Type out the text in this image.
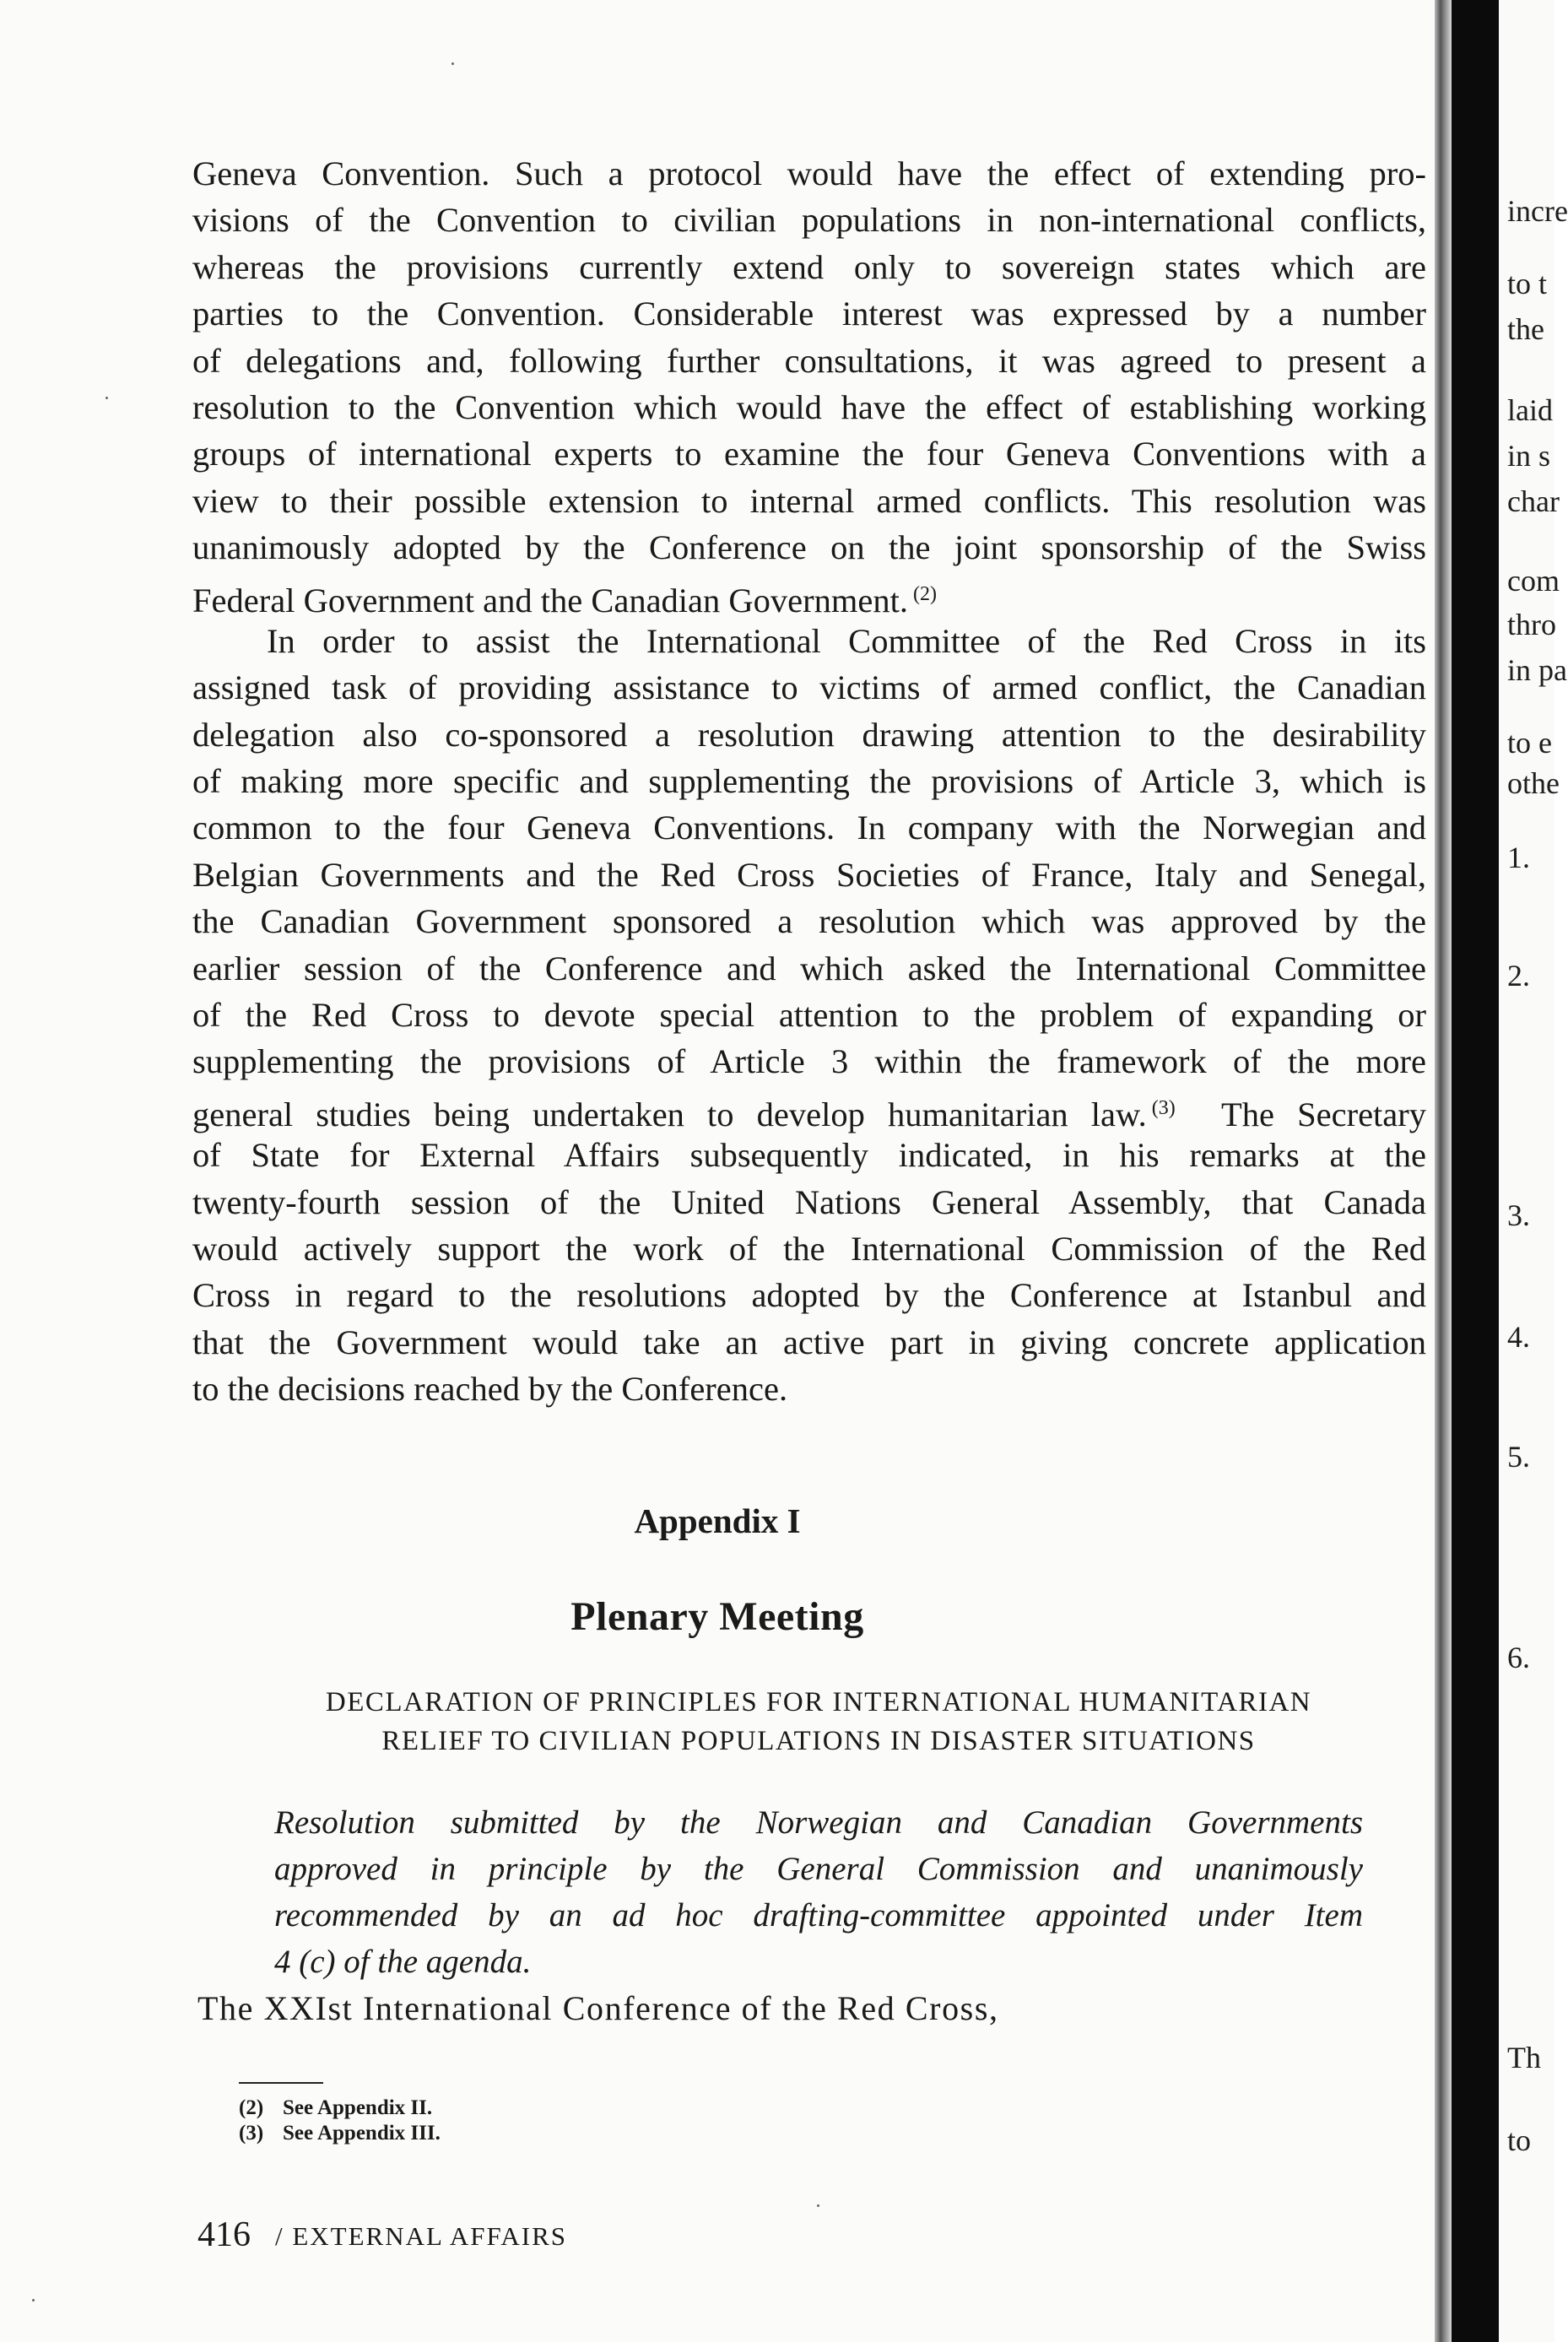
Geneva Convention. Such a protocol would have the effect of extending pro-
visions of the Convention to civilian populations in non-international conflicts,
whereas the provisions currently extend only to sovereign states which are
parties to the Convention. Considerable interest was expressed by a number
of delegations and, following further consultations, it was agreed to present a
resolution to the Convention which would have the effect of establishing working
groups of international experts to examine the four Geneva Conventions with a
view to their possible extension to internal armed conflicts. This resolution was
unanimously adopted by the Conference on the joint sponsorship of the Swiss
Federal Government and the Canadian Government. $^{(2)}$
In order to assist the International Committee of the Red Cross in its
assigned task of providing assistance to victims of armed conflict, the Canadian
delegation also co-sponsored a resolution drawing attention to the desirability
of making more specific and supplementing the provisions of Article 3, which is
common to the four Geneva Conventions. In company with the Norwegian and
Belgian Governments and the Red Cross Societies of France, Italy and Senegal,
the Canadian Government sponsored a resolution which was approved by the
earlier session of the Conference and which asked the International Committee
of the Red Cross to devote special attention to the problem of expanding or
supplementing the provisions of Article 3 within the framework of the more
general studies being undertaken to develop humanitarian law. $^{(3)}$ The Secretary
of State for External Affairs subsequently indicated, in his remarks at the
twenty-fourth session of the United Nations General Assembly, that Canada
would actively support the work of the International Commission of the Red
Cross in regard to the resolutions adopted by the Conference at Istanbul and
that the Government would take an active part in giving concrete application
to the decisions reached by the Conference.
Appendix I
Plenary Meeting
DECLARATION OF PRINCIPLES FOR INTERNATIONAL HUMANITARIAN
RELIEF TO CIVILIAN POPULATIONS IN DISASTER SITUATIONS
Resolution submitted by the Norwegian and Canadian Governments
approved in principle by the General Commission and unanimously
recommended by an ad hoc drafting-committee appointed under Item
4 (c) of the agenda.
The XXIst International Conference of the Red Cross,
(2) See Appendix II.
(3) See Appendix III.
416 / EXTERNAL AFFAIRS
incre
to t
the
laid
in s
char
com
thro
in pa
to e
othe
1.
2.
3.
4.
5.
6.
Th
to
